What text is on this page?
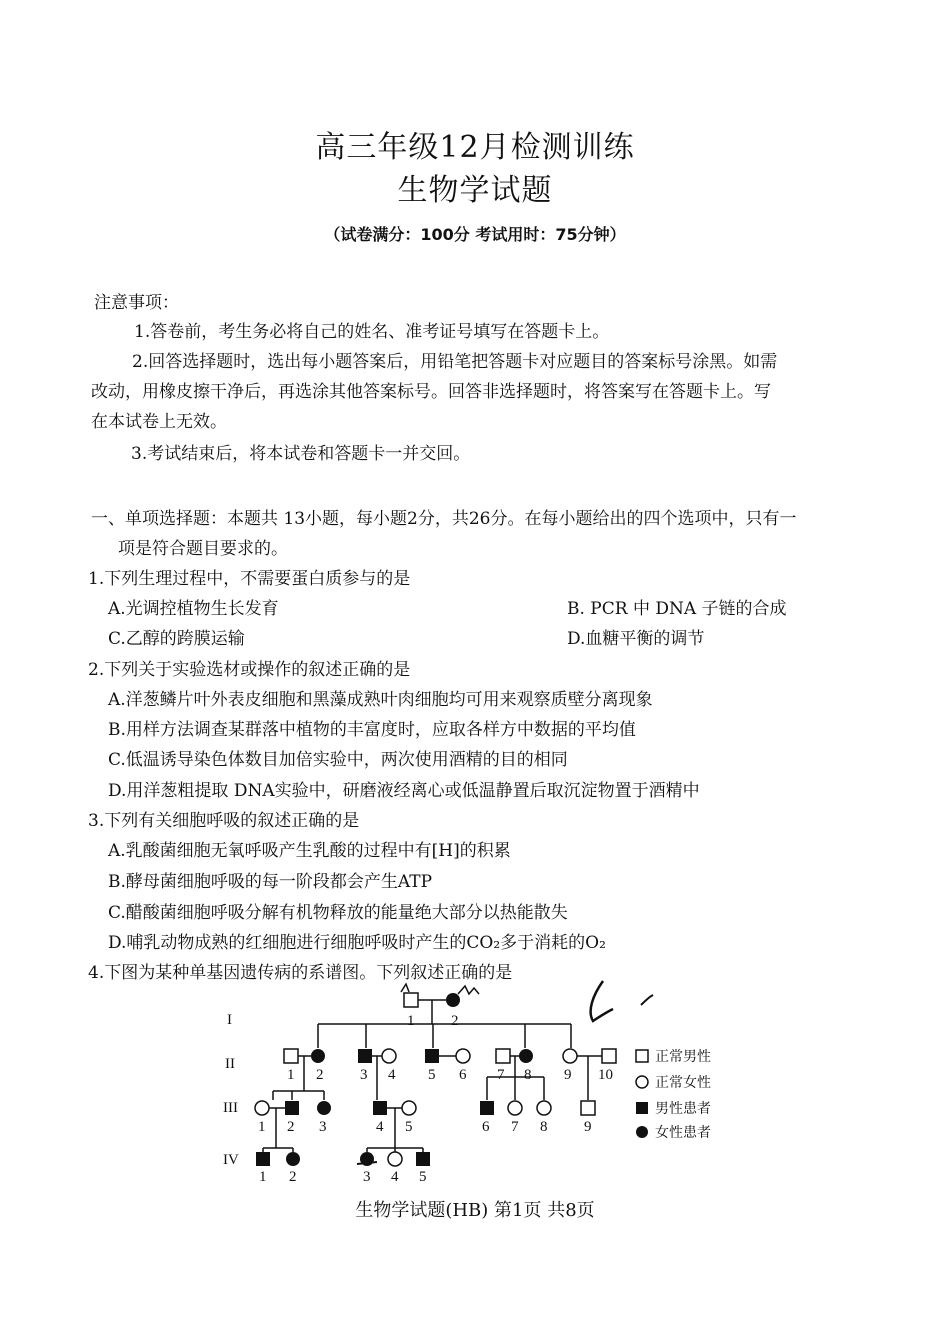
高三年级12月检测训练
生物学试题
（试卷满分：100分 考试用时：75分钟）
注意事项：
1.答卷前，考生务必将自己的姓名、准考证号填写在答题卡上。
2.回答选择题时，选出每小题答案后，用铅笔把答题卡对应题目的答案标号涂黑。如需
改动，用橡皮擦干净后，再选涂其他答案标号。回答非选择题时，将答案写在答题卡上。写
在本试卷上无效。
3.考试结束后，将本试卷和答题卡一并交回。
一、单项选择题：本题共 13小题，每小题2分，共26分。在每小题给出的四个选项中，只有一
项是符合题目要求的。
1.下列生理过程中，不需要蛋白质参与的是
A.光调控植物生长发育	B. PCR 中 DNA 子链的合成
C.乙醇的跨膜运输	D.血糖平衡的调节
2.下列关于实验选材或操作的叙述正确的是
A.洋葱鳞片叶外表皮细胞和黑藻成熟叶肉细胞均可用来观察质壁分离现象
B.用样方法调查某群落中植物的丰富度时，应取各样方中数据的平均值
C.低温诱导染色体数目加倍实验中，两次使用酒精的目的相同
D.用洋葱粗提取 DNA实验中，研磨液经离心或低温静置后取沉淀物置于酒精中
3.下列有关细胞呼吸的叙述正确的是
A.乳酸菌细胞无氧呼吸产生乳酸的过程中有[H]的积累
B.酵母菌细胞呼吸的每一阶段都会产生ATP
C.醋酸菌细胞呼吸分解有机物释放的能量绝大部分以热能散失
D.哺乳动物成熟的红细胞进行细胞呼吸时产生的CO₂多于消耗的O₂
4.下图为某种单基因遗传病的系谱图。下列叙述正确的是
I
II
III
IV
1 2
1 2 3 4 5 6 7 8 9 10
1 2 3	4 5	6 7 8 9
1 2	3 4 5
正常男性
正常女性
男性患者
女性患者
生物学试题(HB) 第1页 共8页
